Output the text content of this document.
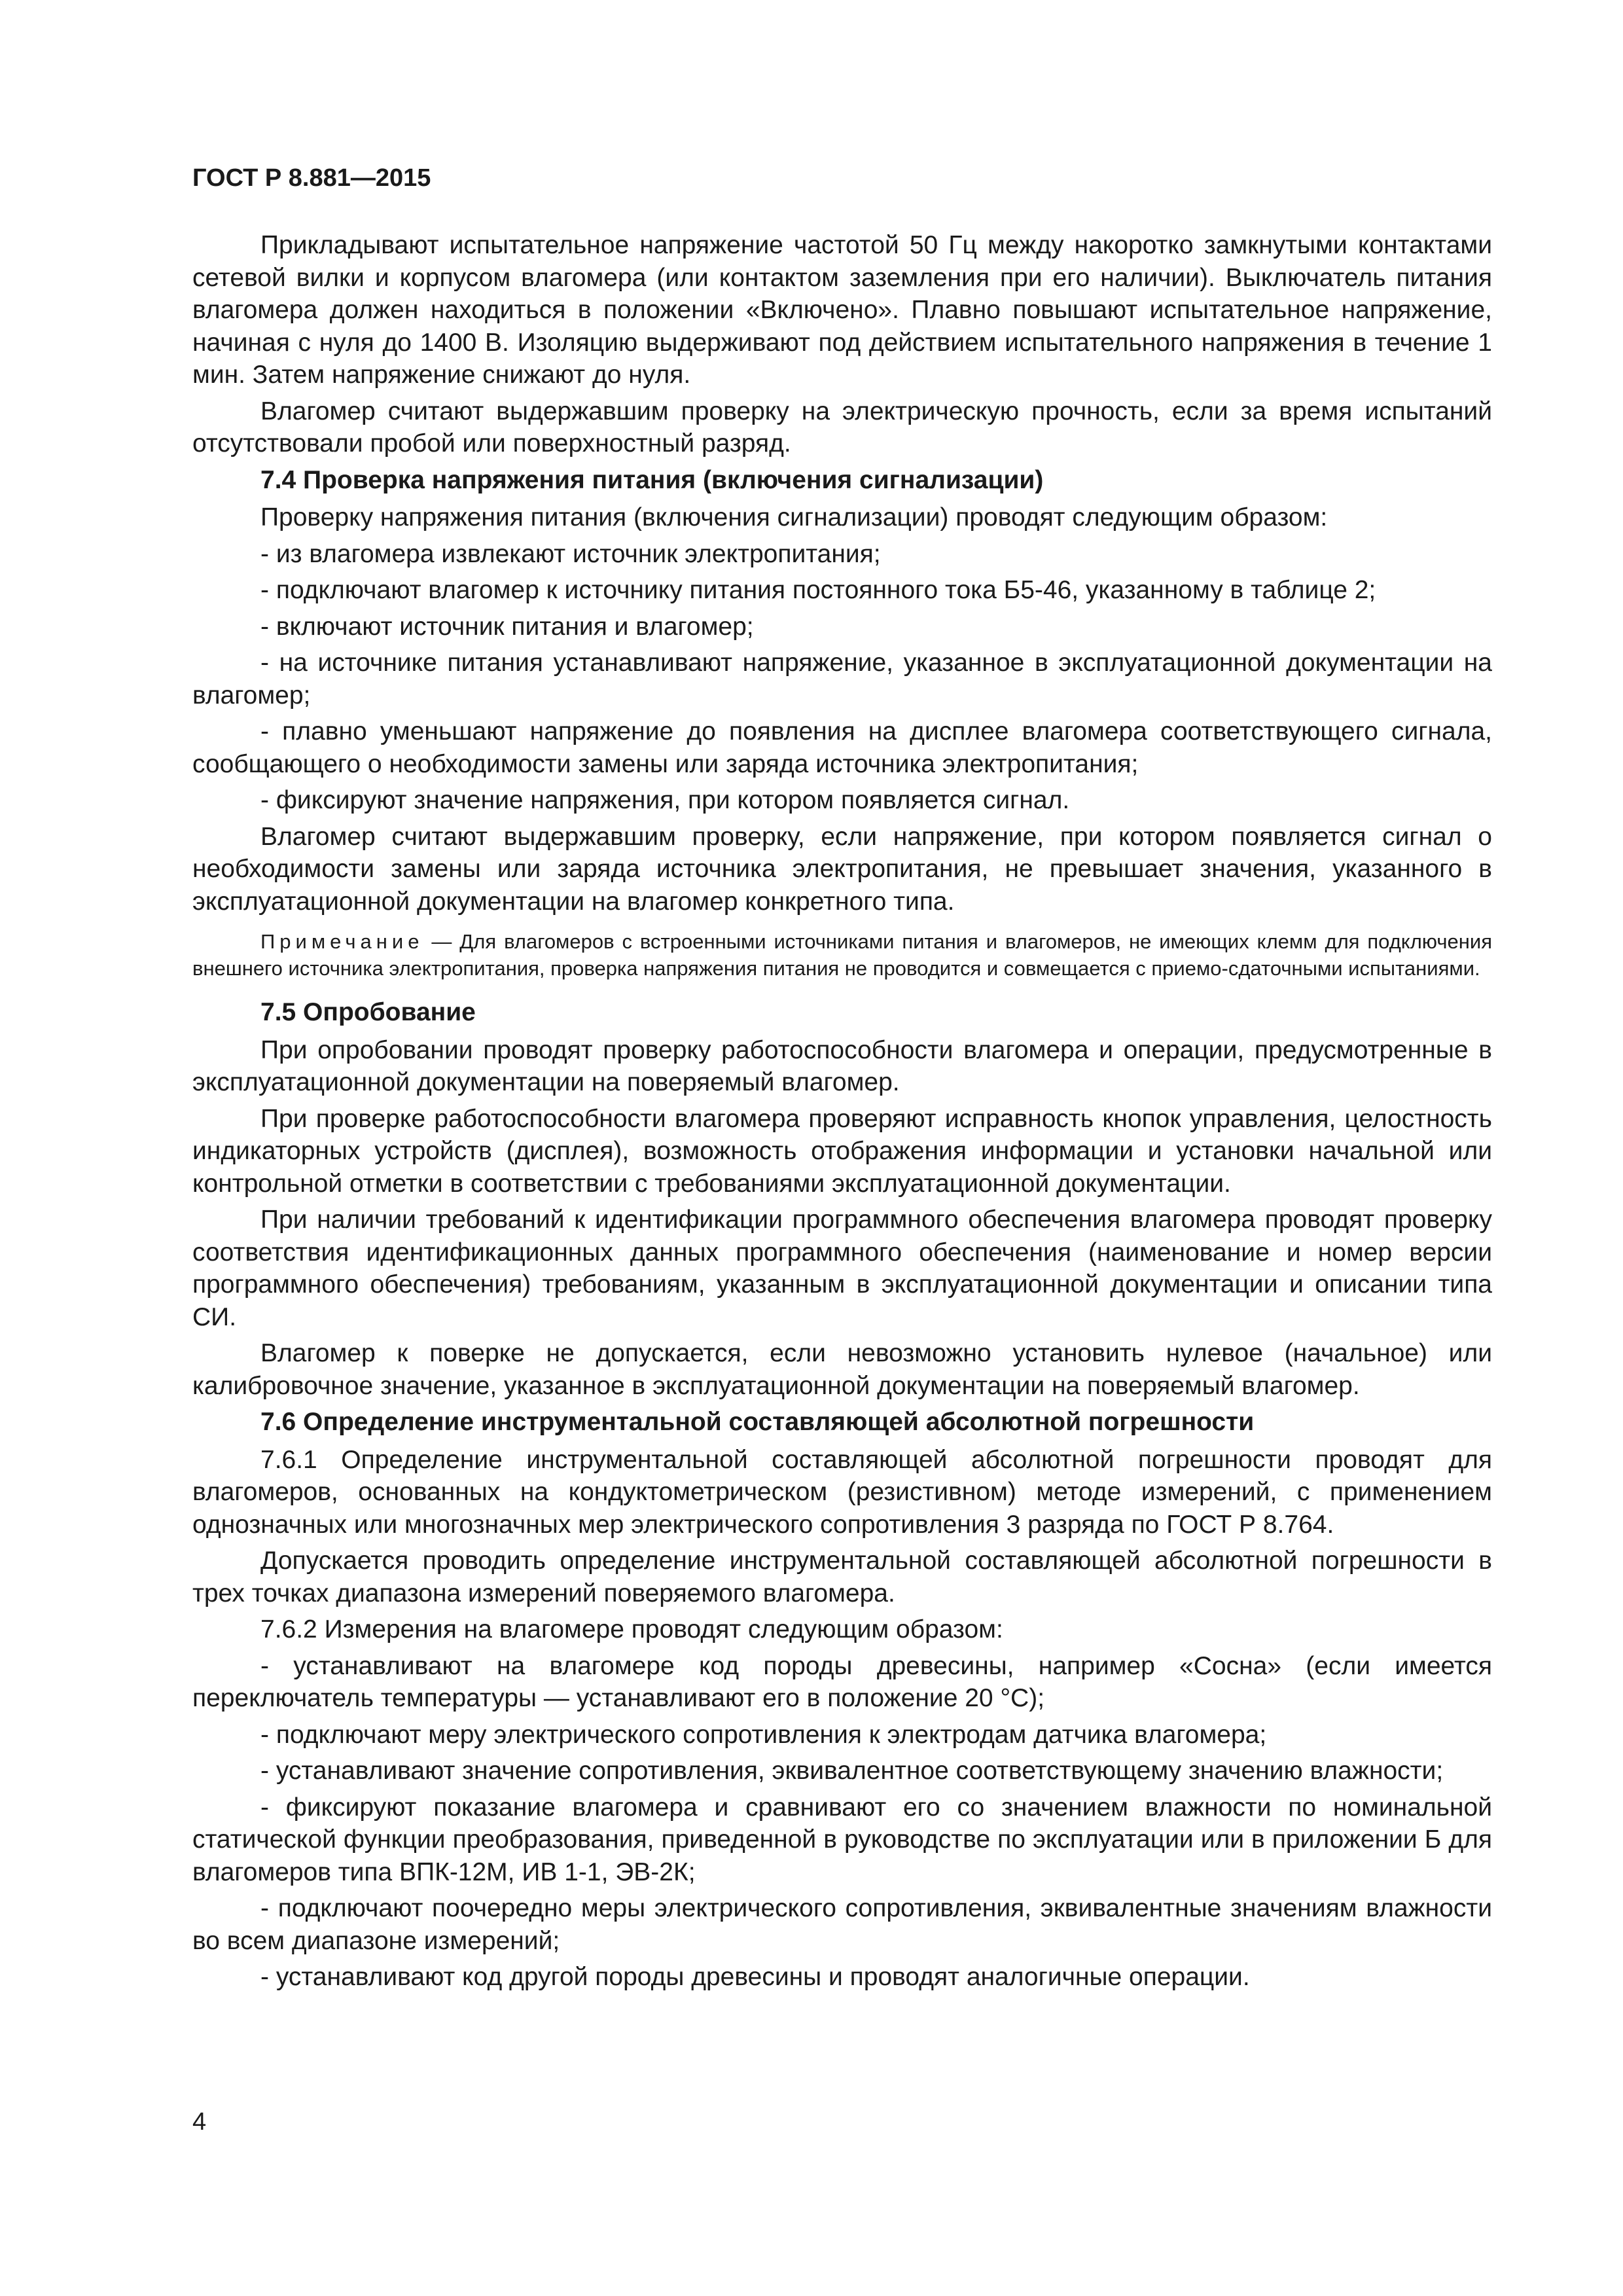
ГОСТ Р 8.881—2015

Прикладывают испытательное напряжение частотой 50 Гц между накоротко замкнутыми контактами сетевой вилки и корпусом влагомера (или контактом заземления при его наличии). Выключатель питания влагомера должен находиться в положении «Включено». Плавно повышают испытательное напряжение, начиная с нуля до 1400 В. Изоляцию выдерживают под действием испытательного напряжения в течение 1 мин. Затем напряжение снижают до нуля.

Влагомер считают выдержавшим проверку на электрическую прочность, если за время испытаний отсутствовали пробой или поверхностный разряд.

7.4 Проверка напряжения питания (включения сигнализации)

Проверку напряжения питания (включения сигнализации) проводят следующим образом:

- из влагомера извлекают источник электропитания;

- подключают влагомер к источнику питания постоянного тока Б5-46, указанному в таблице 2;

- включают источник питания и влагомер;

- на источнике питания устанавливают напряжение, указанное в эксплуатационной документации на влагомер;

- плавно уменьшают напряжение до появления на дисплее влагомера соответствующего сигнала, сообщающего о необходимости замены или заряда источника электропитания;

- фиксируют значение напряжения, при котором появляется сигнал.

Влагомер считают выдержавшим проверку, если напряжение, при котором появляется сигнал о необходимости замены или заряда источника электропитания, не превышает значения, указанного в эксплуатационной документации на влагомер конкретного типа.

Примечание — Для влагомеров с встроенными источниками питания и влагомеров, не имеющих клемм для подключения внешнего источника электропитания, проверка напряжения питания не проводится и совмещается с приемо-сдаточными испытаниями.

7.5 Опробование

При опробовании проводят проверку работоспособности влагомера и операции, предусмотренные в эксплуатационной документации на поверяемый влагомер.

При проверке работоспособности влагомера проверяют исправность кнопок управления, целостность индикаторных устройств (дисплея), возможность отображения информации и установки начальной или контрольной отметки в соответствии с требованиями эксплуатационной документации.

При наличии требований к идентификации программного обеспечения влагомера проводят проверку соответствия идентификационных данных программного обеспечения (наименование и номер версии программного обеспечения) требованиям, указанным в эксплуатационной документации и описании типа СИ.

Влагомер к поверке не допускается, если невозможно установить нулевое (начальное) или калибровочное значение, указанное в эксплуатационной документации на поверяемый влагомер.

7.6 Определение инструментальной составляющей абсолютной погрешности

7.6.1 Определение инструментальной составляющей абсолютной погрешности проводят для влагомеров, основанных на кондуктометрическом (резистивном) методе измерений, с применением однозначных или многозначных мер электрического сопротивления 3 разряда по ГОСТ Р 8.764.

Допускается проводить определение инструментальной составляющей абсолютной погрешности в трех точках диапазона измерений поверяемого влагомера.

7.6.2 Измерения на влагомере проводят следующим образом:

- устанавливают на влагомере код породы древесины, например «Сосна» (если имеется переключатель температуры — устанавливают его в положение 20 °С);

- подключают меру электрического сопротивления к электродам датчика влагомера;

- устанавливают значение сопротивления, эквивалентное соответствующему значению влажности;

- фиксируют показание влагомера и сравнивают его со значением влажности по номинальной статической функции преобразования, приведенной в руководстве по эксплуатации или в приложении Б для влагомеров типа ВПК-12М, ИВ 1-1, ЭВ-2К;

- подключают поочередно меры электрического сопротивления, эквивалентные значениям влажности во всем диапазоне измерений;

- устанавливают код другой породы древесины и проводят аналогичные операции.

4
